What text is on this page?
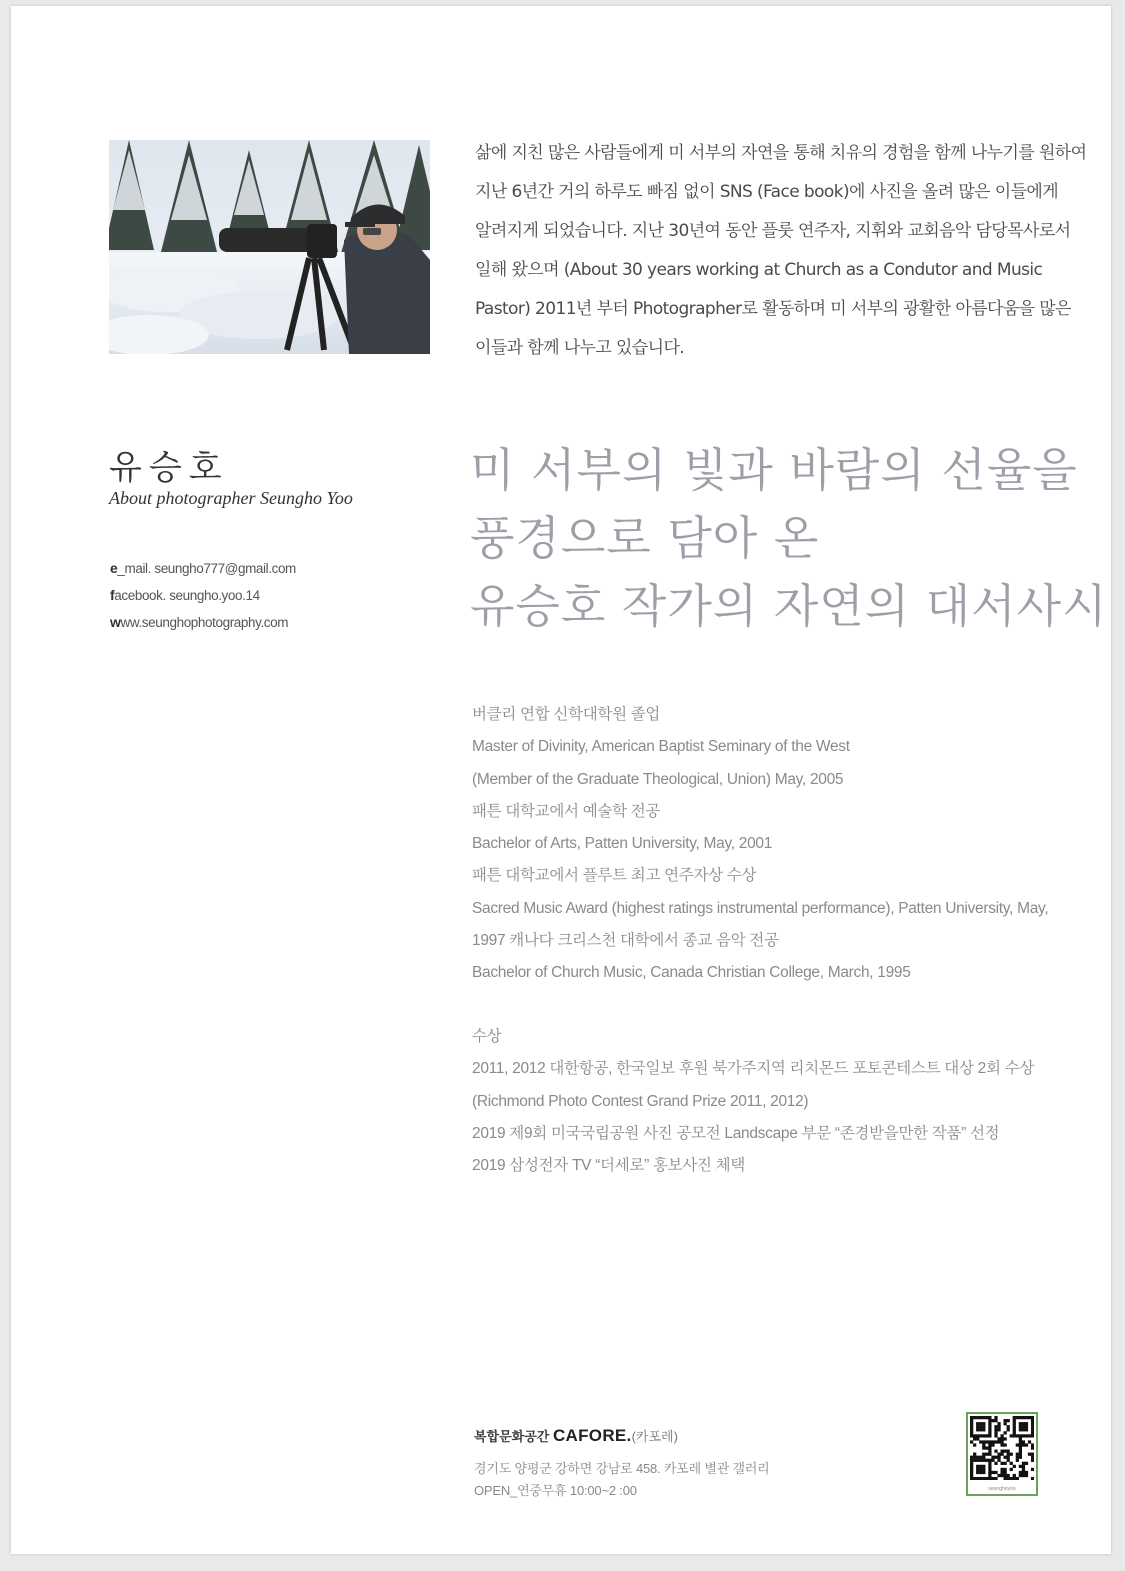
삶에 지친 많은 사람들에게 미 서부의 자연을 통해 치유의 경험을 함께 나누기를 원하여
지난 6년간 거의 하루도 빠짐 없이 SNS (Face book)에 사진을 올려 많은 이들에게
알려지게 되었습니다. 지난 30년여 동안 플룻 연주자, 지휘와 교회음악 담당목사로서
일해 왔으며 (About 30 years working at Church as a Condutor and Music
Pastor) 2011년 부터 Photographer로 활동하며 미 서부의 광활한 아름다움을 많은
이들과 함께 나누고 있습니다.
유승호
About photographer Seungho Yoo
e_mail. seungho777@gmail.com
facebook. seungho.yoo.14
www.seunghophotography.com
미 서부의 빛과 바람의 선율을
풍경으로 담아 온
유승호 작가의 자연의 대서사시
버클리 연합 신학대학원 졸업
Master of Divinity, American Baptist Seminary of the West
(Member of the Graduate Theological, Union) May, 2005
패튼 대학교에서 예술학 전공
Bachelor of Arts, Patten University, May, 2001
패튼 대학교에서 플루트 최고 연주자상 수상
Sacred Music Award (highest ratings instrumental performance), Patten University, May,
1997 캐나다 크리스천 대학에서 종교 음악 전공
Bachelor of Church Music, Canada Christian College, March, 1995
수상
2011, 2012 대한항공, 한국일보 후원 북가주지역 리치몬드 포토콘테스트 대상 2회 수상
(Richmond Photo Contest Grand Prize 2011, 2012)
2019 제9회 미국국립공원 사진 공모전 Landscape 부문 “존경받을만한 작품” 선정
2019 삼성전자 TV “더세로” 홍보사진 체택
복합문화공간 CAFORE.(카포레)
경기도 양평군 강하면 강남로 458. 카포레 별관 갤러리
OPEN_연중무휴 10:00~2 :00	seunghoyoo
